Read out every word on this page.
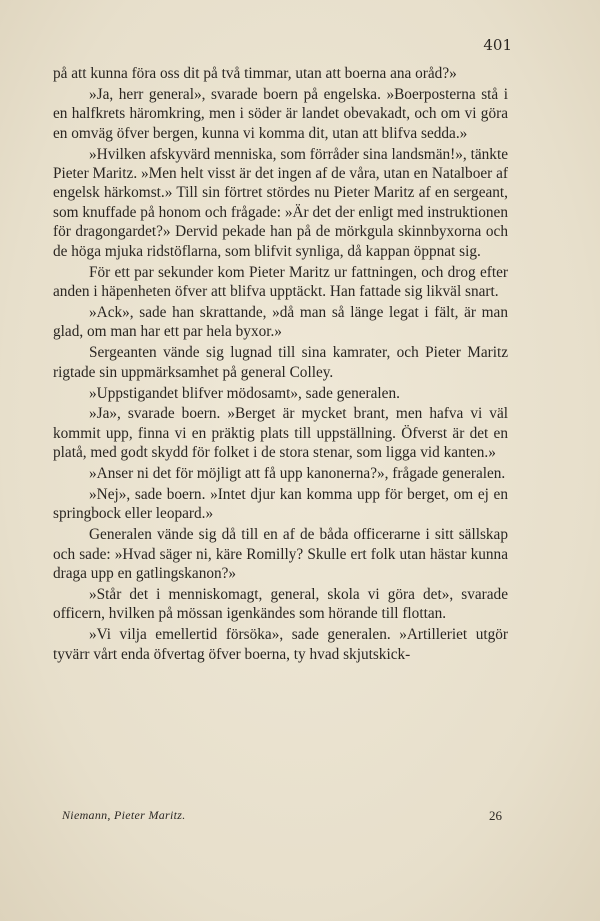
401

på att kunna föra oss dit på två timmar, utan att boerna ana oråd?»

»Ja, herr general», svarade boern på engelska. »Boerposterna stå i en halfkrets häromkring, men i söder är landet obevakadt, och om vi göra en omväg öfver bergen, kunna vi komma dit, utan att blifva sedda.»

»Hvilken afskyvärd menniska, som förråder sina landsmän!», tänkte Pieter Maritz. »Men helt visst är det ingen af de våra, utan en Natalboer af engelsk härkomst.» Till sin förtret stördes nu Pieter Maritz af en sergeant, som knuffade på honom och frågade: »Är det der enligt med instruktionen för dragongardet?» Dervid pekade han på de mörkgula skinnbyxorna och de höga mjuka ridstöflarna, som blifvit synliga, då kappan öppnat sig.

För ett par sekunder kom Pieter Maritz ur fattningen, och drog efter anden i häpenheten öfver att blifva upptäckt. Han fattade sig likväl snart.

»Ack», sade han skrattande, »då man så länge legat i fält, är man glad, om man har ett par hela byxor.»

Sergeanten vände sig lugnad till sina kamrater, och Pieter Maritz rigtade sin uppmärksamhet på general Colley.

»Uppstigandet blifver mödosamt», sade generalen.

»Ja», svarade boern. »Berget är mycket brant, men hafva vi väl kommit upp, finna vi en präktig plats till uppställning. Öfverst är det en platå, med godt skydd för folket i de stora stenar, som ligga vid kanten.»

»Anser ni det för möjligt att få upp kanonerna?», frågade generalen.

»Nej», sade boern. »Intet djur kan komma upp för berget, om ej en springbock eller leopard.»

Generalen vände sig då till en af de båda officerarne i sitt sällskap och sade: »Hvad säger ni, käre Romilly? Skulle ert folk utan hästar kunna draga upp en gatlingskanon?»

»Står det i menniskomagt, general, skola vi göra det», svarade officern, hvilken på mössan igenkändes som hörande till flottan.

»Vi vilja emellertid försöka», sade generalen. »Artilleriet utgör tyvärr vårt enda öfvertag öfver boerna, ty hvad skjutskick-

Niemann, Pieter Maritz.	26
